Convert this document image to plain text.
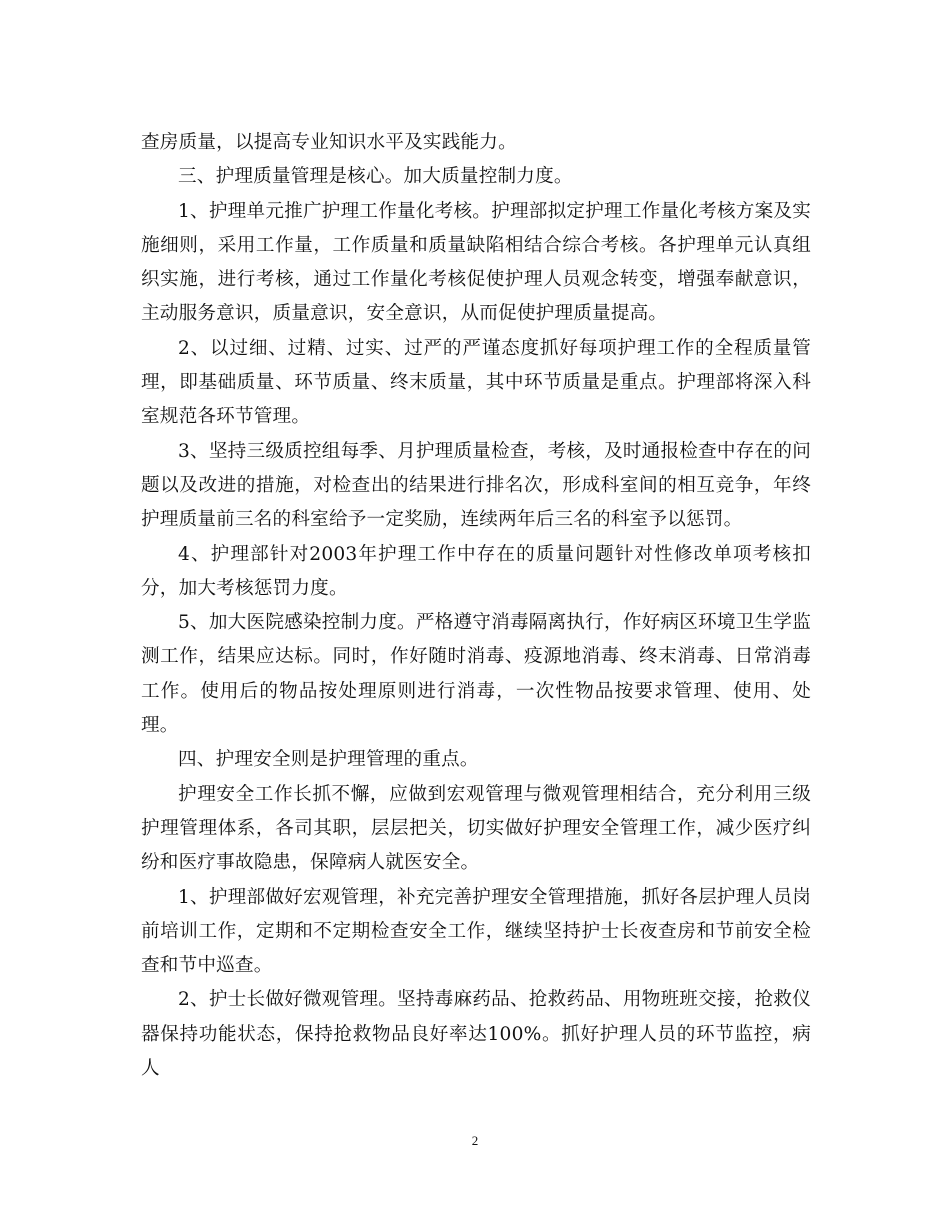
查房质量，以提高专业知识水平及实践能力。

三、护理质量管理是核心。加大质量控制力度。

1、护理单元推广护理工作量化考核。护理部拟定护理工作量化考核方案及实施细则，采用工作量，工作质量和质量缺陷相结合综合考核。各护理单元认真组织实施，进行考核，通过工作量化考核促使护理人员观念转变，增强奉献意识，主动服务意识，质量意识，安全意识，从而促使护理质量提高。

2、以过细、过精、过实、过严的严谨态度抓好每项护理工作的全程质量管理，即基础质量、环节质量、终末质量，其中环节质量是重点。护理部将深入科室规范各环节管理。

3、坚持三级质控组每季、月护理质量检查，考核，及时通报检查中存在的问题以及改进的措施，对检查出的结果进行排名次，形成科室间的相互竞争，年终护理质量前三名的科室给予一定奖励，连续两年后三名的科室予以惩罚。

4、护理部针对2003年护理工作中存在的质量问题针对性修改单项考核扣分，加大考核惩罚力度。

5、加大医院感染控制力度。严格遵守消毒隔离执行，作好病区环境卫生学监测工作，结果应达标。同时，作好随时消毒、疫源地消毒、终末消毒、日常消毒工作。使用后的物品按处理原则进行消毒，一次性物品按要求管理、使用、处理。

四、护理安全则是护理管理的重点。

护理安全工作长抓不懈，应做到宏观管理与微观管理相结合，充分利用三级护理管理体系，各司其职，层层把关，切实做好护理安全管理工作，减少医疗纠纷和医疗事故隐患，保障病人就医安全。

1、护理部做好宏观管理，补充完善护理安全管理措施，抓好各层护理人员岗前培训工作，定期和不定期检查安全工作，继续坚持护士长夜查房和节前安全检查和节中巡查。

2、护士长做好微观管理。坚持毒麻药品、抢救药品、用物班班交接，抢救仪器保持功能状态，保持抢救物品良好率达100%。抓好护理人员的环节监控，病人

2
